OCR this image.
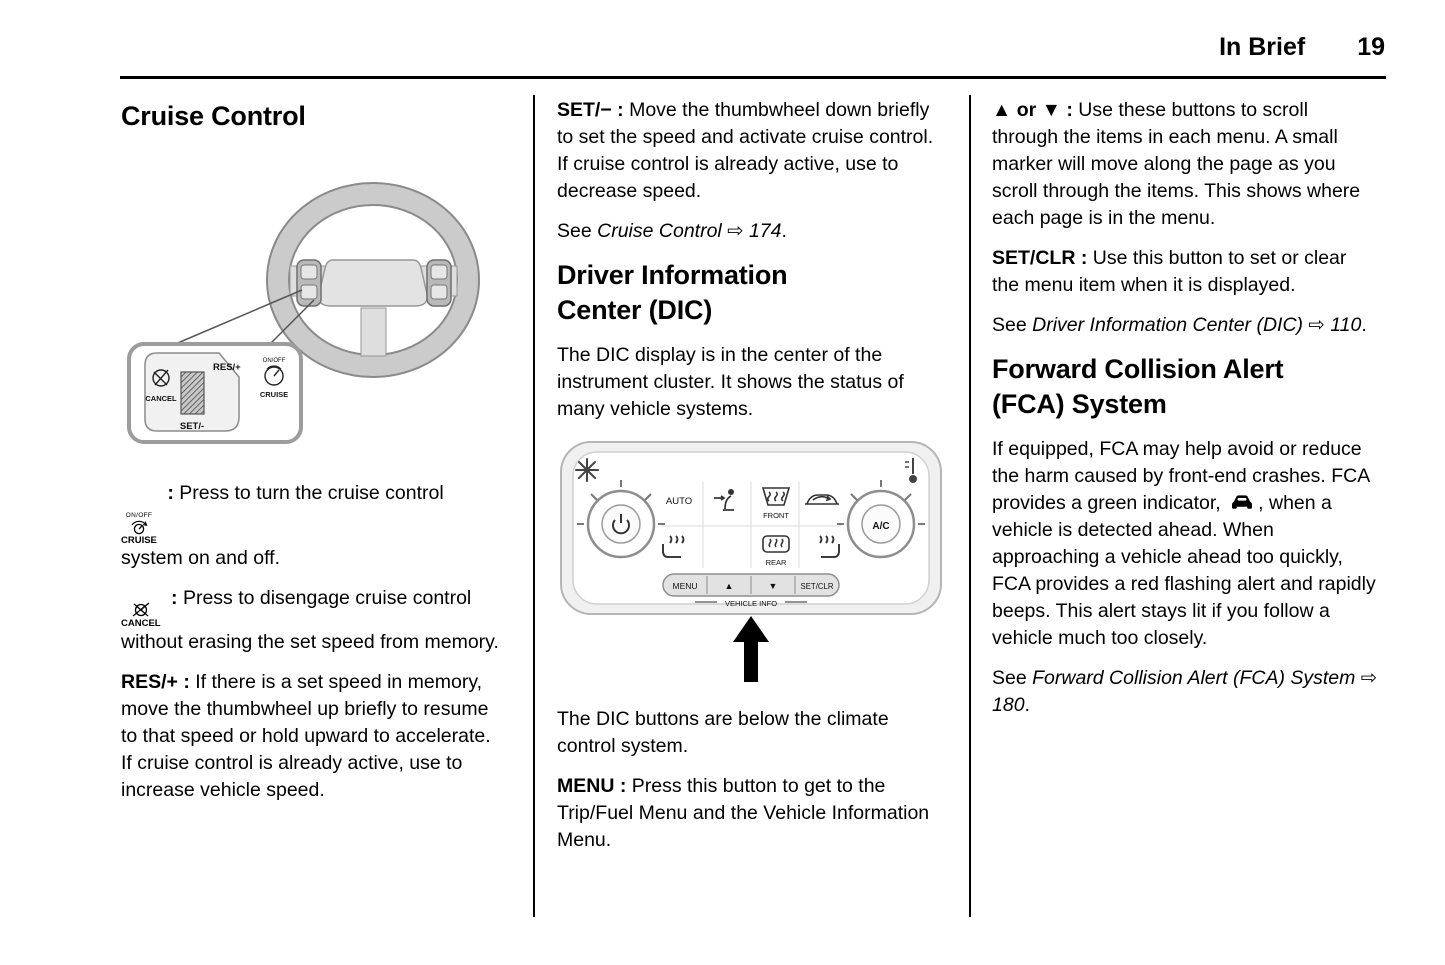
In Brief 19
Cruise Control
RES/+
SET/-
CANCEL
ON/OFF
CRUISE

ON/OFF
CRUISE
: Press to turn the cruise control system on and off.

CANCEL
: Press to disengage cruise control without erasing the set speed from memory.

RES/+ : If there is a set speed in memory, move the thumbwheel up briefly to resume to that speed or hold upward to accelerate. If cruise control is already active, use to increase vehicle speed.

SET/− : Move the thumbwheel down briefly to set the speed and activate cruise control. If cruise control is already active, use to decrease speed.

See Cruise Control ⇨ 174.

Driver Information
Center (DIC)

The DIC display is in the center of the instrument cluster. It shows the status of many vehicle systems.

A/C
AUTO
FRONT
REAR
MENU	▲	▼	SET/CLR
VEHICLE INFO

The DIC buttons are below the climate control system.

MENU : Press this button to get to the Trip/Fuel Menu and the Vehicle Information Menu.

▲ or ▼ : Use these buttons to scroll through the items in each menu. A small marker will move along the page as you scroll through the items. This shows where each page is in the menu.

SET/CLR : Use this button to set or clear the menu item when it is displayed.

See Driver Information Center (DIC) ⇨ 110.

Forward Collision Alert
(FCA) System

If equipped, FCA may help avoid or reduce the harm caused by front-end crashes. FCA provides a green indicator, , when a vehicle is detected ahead. When approaching a vehicle ahead too quickly, FCA provides a red flashing alert and rapidly beeps. This alert stays lit if you follow a vehicle much too closely.

See Forward Collision Alert (FCA) System ⇨ 180.
